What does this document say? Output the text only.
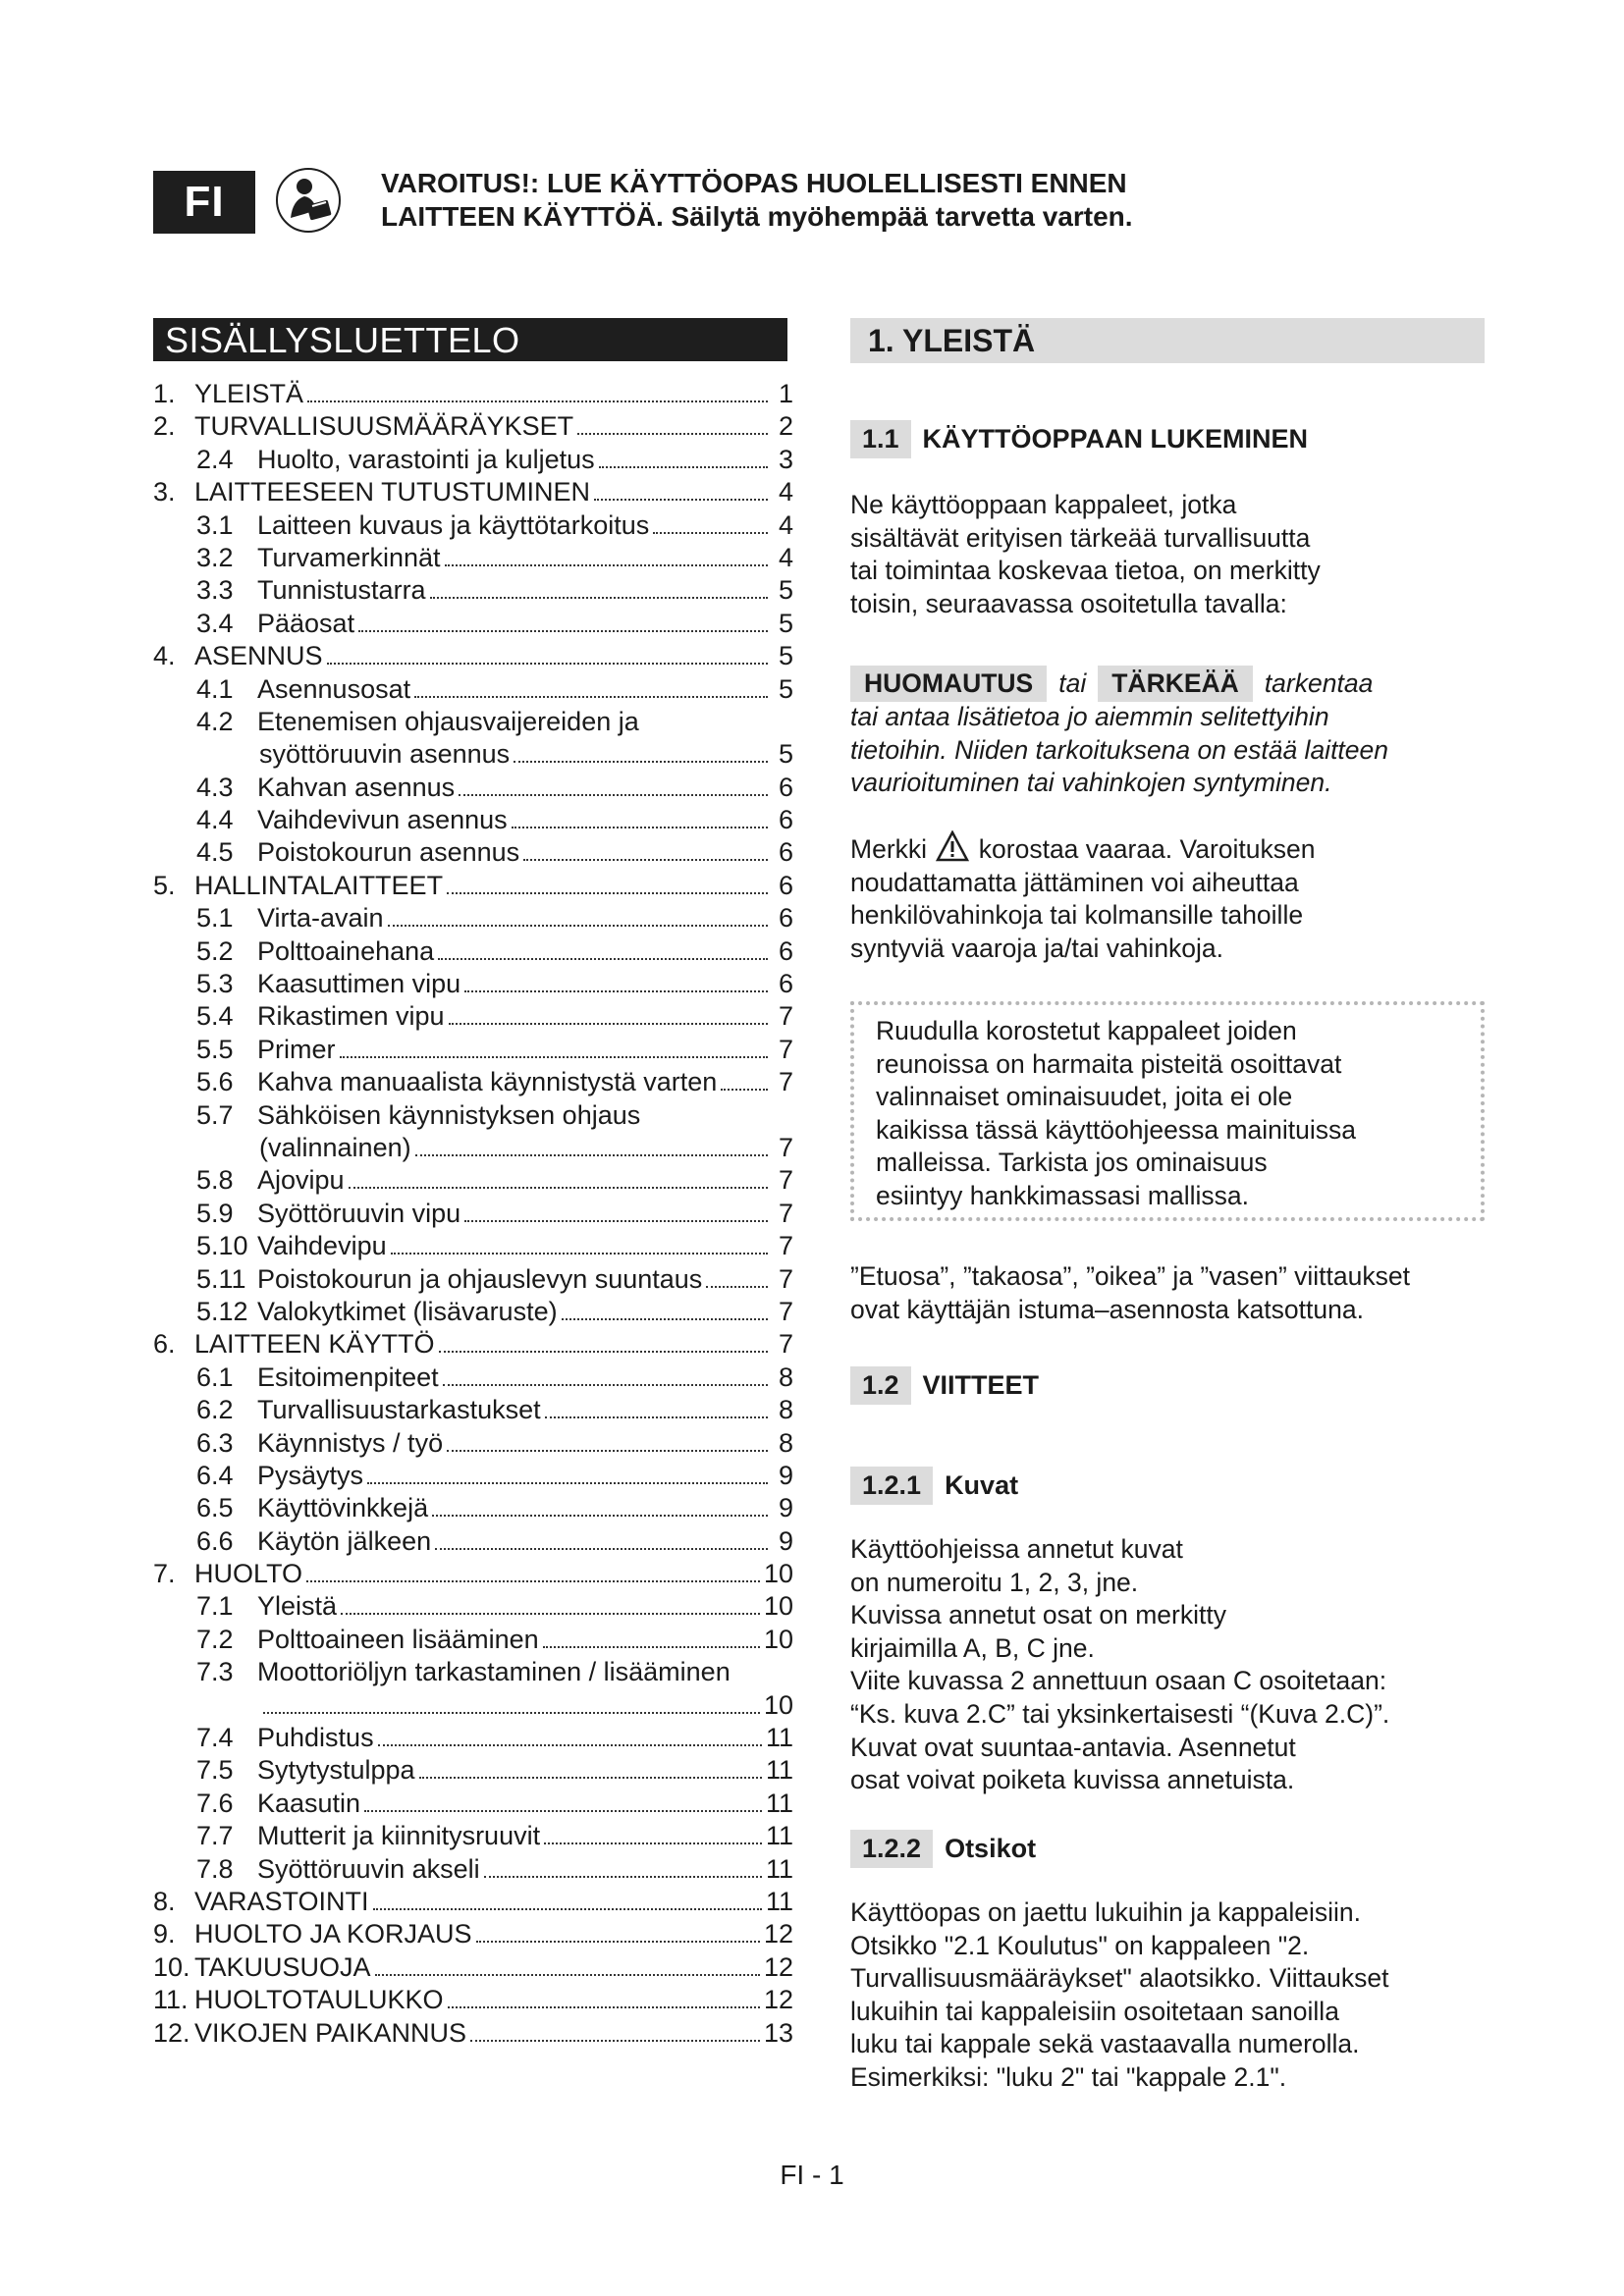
FI	VAROITUS!: LUE KÄYTTÖOPAS HUOLELLISESTI ENNEN
LAITTEEN KÄYTTÖÄ. Säilytä myöhempää tarvetta varten.
SISÄLLYSLUETTELO
1. YLEISTÄ	1
2. TURVALLISUUSMÄÄRÄYKSET	2
2.4 Huolto, varastointi ja kuljetus	3
3. LAITTEESEEN TUTUSTUMINEN	4
3.1 Laitteen kuvaus ja käyttötarkoitus	4
3.2 Turvamerkinnät	4
3.3 Tunnistustarra	5
3.4 Pääosat	5
4. ASENNUS	5
4.1 Asennusosat	5
4.2 Etenemisen ohjausvaijereiden ja
syöttöruuvin asennus	5
4.3 Kahvan asennus	6
4.4 Vaihdevivun asennus	6
4.5 Poistokourun asennus	6
5. HALLINTALAITTEET	6
5.1 Virta-avain	6
5.2 Polttoainehana	6
5.3 Kaasuttimen vipu	6
5.4 Rikastimen vipu	7
5.5 Primer	7
5.6 Kahva manuaalista käynnistystä varten 7
5.7 Sähköisen käynnistyksen ohjaus
(valinnainen)	7
5.8 Ajovipu	7
5.9 Syöttöruuvin vipu	7
5.10 Vaihdevipu	7
5.11 Poistokourun ja ohjauslevyn suuntaus	7
5.12 Valokytkimet (lisävaruste)	7
6. LAITTEEN KÄYTTÖ	7
6.1 Esitoimenpiteet	8
6.2 Turvallisuustarkastukset	8
6.3 Käynnistys / työ	8
6.4 Pysäytys	9
6.5 Käyttövinkkejä	9
6.6 Käytön jälkeen	9
7. HUOLTO	10
7.1 Yleistä	10
7.2 Polttoaineen lisääminen	10
7.3 Moottoriöljyn tarkastaminen / lisääminen
10
7.4 Puhdistus	11
7.5 Sytytystulppa	11
7.6 Kaasutin	11
7.7 Mutterit ja kiinnitysruuvit	11
7.8 Syöttöruuvin akseli	11
8. VARASTOINTI	11
9. HUOLTO JA KORJAUS	12
10. TAKUUSUOJA	12
11. HUOLTOTAULUKKO	12
12. VIKOJEN PAIKANNUS	13
1. YLEISTÄ
1.1 KÄYTTÖOPPAAN LUKEMINEN
Ne käyttöoppaan kappaleet, jotka
sisältävät erityisen tärkeää turvallisuutta
tai toimintaa koskevaa tietoa, on merkitty
toisin, seuraavassa osoitetulla tavalla:
HUOMAUTUS tai TÄRKEÄÄ tarkentaa
tai antaa lisätietoa jo aiemmin selitettyihin
tietoihin. Niiden tarkoituksena on estää laitteen
vaurioituminen tai vahinkojen syntyminen.
Merkki korostaa vaaraa. Varoituksen
noudattamatta jättäminen voi aiheuttaa
henkilövahinkoja tai kolmansille tahoille
syntyviä vaaroja ja/tai vahinkoja.
Ruudulla korostetut kappaleet joiden
reunoissa on harmaita pisteitä osoittavat
valinnaiset ominaisuudet, joita ei ole
kaikissa tässä käyttöohjeessa mainituissa
malleissa. Tarkista jos ominaisuus
esiintyy hankkimassasi mallissa.
”Etuosa”, ”takaosa”, ”oikea” ja ”vasen” viittaukset
ovat käyttäjän istuma–asennosta katsottuna.
1.2 VIITTEET
1.2.1 Kuvat
Käyttöohjeissa annetut kuvat
on numeroitu 1, 2, 3, jne.
Kuvissa annetut osat on merkitty
kirjaimilla A, B, C jne.
Viite kuvassa 2 annettuun osaan C osoitetaan:
“Ks. kuva 2.C” tai yksinkertaisesti “(Kuva 2.C)”.
Kuvat ovat suuntaa-antavia. Asennetut
osat voivat poiketa kuvissa annetuista.
1.2.2 Otsikot
Käyttöopas on jaettu lukuihin ja kappaleisiin.
Otsikko "2.1 Koulutus" on kappaleen "2.
Turvallisuusmääräykset" alaotsikko. Viittaukset
lukuihin tai kappaleisiin osoitetaan sanoilla
luku tai kappale sekä vastaavalla numerolla.
Esimerkiksi: "luku 2" tai "kappale 2.1".
FI - 1
